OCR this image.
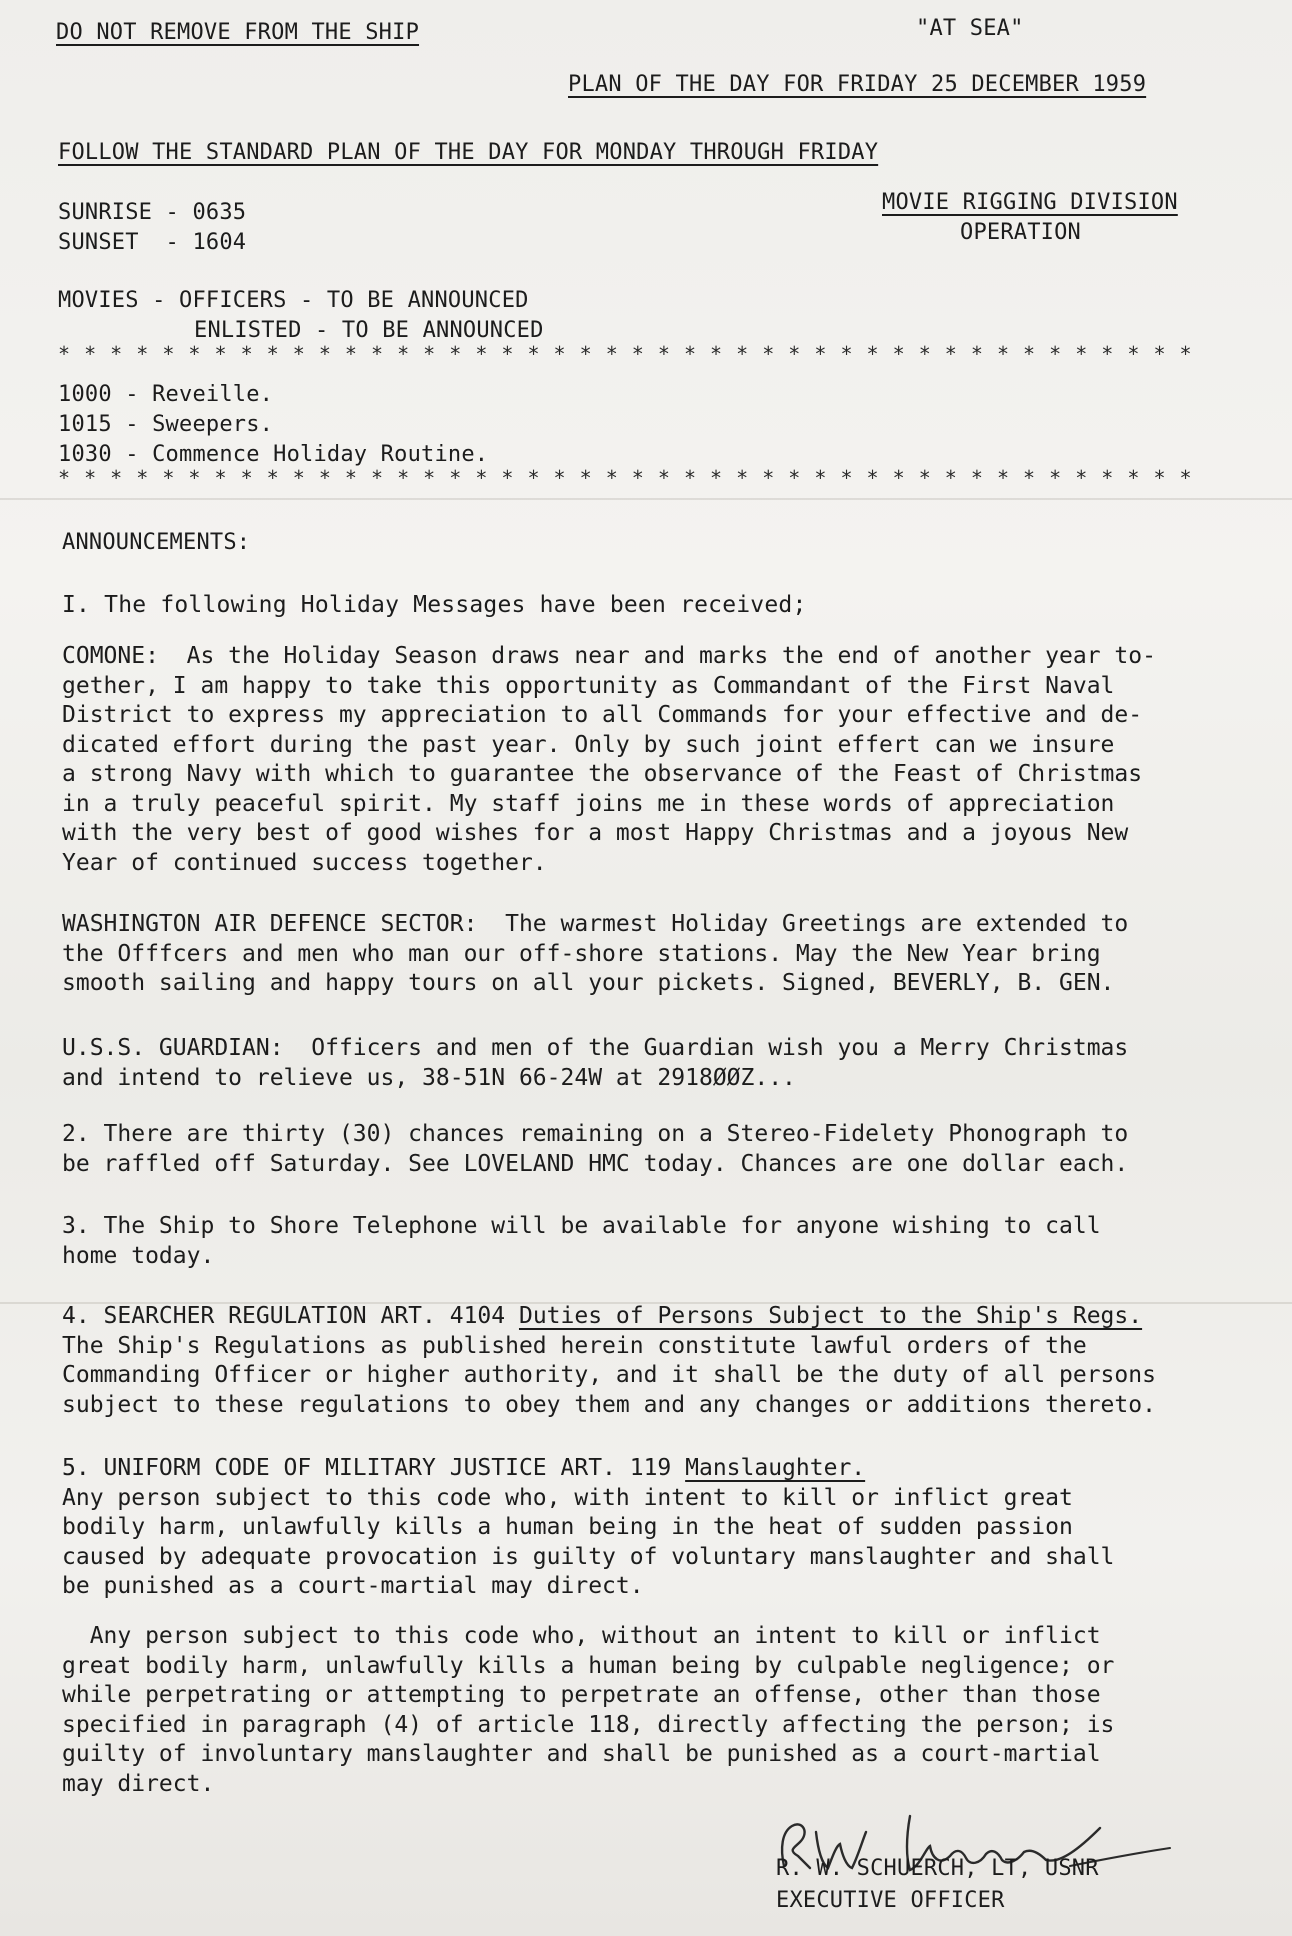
DO NOT REMOVE FROM THE SHIP	"AT SEA"
PLAN OF THE DAY FOR FRIDAY 25 DECEMBER 1959
FOLLOW THE STANDARD PLAN OF THE DAY FOR MONDAY THROUGH FRIDAY
SUNRISE - 0635
SUNSET  - 1604
MOVIE RIGGING DIVISION
OPERATION
MOVIES - OFFICERS - TO BE ANNOUNCED
ENLISTED - TO BE ANNOUNCED
* * * * * * * * * * * * * * * * * * * * * * * * * * * * * * * * * * * * * * * * * * * *
1000 - Reveille.
1015 - Sweepers.
1030 - Commence Holiday Routine.
* * * * * * * * * * * * * * * * * * * * * * * * * * * * * * * * * * * * * * * * * * * *
ANNOUNCEMENTS:
I. The following Holiday Messages have been received;
COMONE:  As the Holiday Season draws near and marks the end of another year to-
gether, I am happy to take this opportunity as Commandant of the First Naval
District to express my appreciation to all Commands for your effective and de-
dicated effort during the past year. Only by such joint effert can we insure
a strong Navy with which to guarantee the observance of the Feast of Christmas
in a truly peaceful spirit. My staff joins me in these words of appreciation
with the very best of good wishes for a most Happy Christmas and a joyous New
Year of continued success together.
WASHINGTON AIR DEFENCE SECTOR:  The warmest Holiday Greetings are extended to
the Offfcers and men who man our off-shore stations. May the New Year bring
smooth sailing and happy tours on all your pickets. Signed, BEVERLY, B. GEN.
U.S.S. GUARDIAN:  Officers and men of the Guardian wish you a Merry Christmas
and intend to relieve us, 38-51N 66-24W at 2918ØØZ...
2. There are thirty (30) chances remaining on a Stereo-Fidelety Phonograph to
be raffled off Saturday. See LOVELAND HMC today. Chances are one dollar each.
3. The Ship to Shore Telephone will be available for anyone wishing to call
home today.
4. SEARCHER REGULATION ART. 4104 Duties of Persons Subject to the Ship's Regs.
The Ship's Regulations as published herein constitute lawful orders of the
Commanding Officer or higher authority, and it shall be the duty of all persons
subject to these regulations to obey them and any changes or additions thereto.
5. UNIFORM CODE OF MILITARY JUSTICE ART. 119 Manslaughter.
Any person subject to this code who, with intent to kill or inflict great
bodily harm, unlawfully kills a human being in the heat of sudden passion
caused by adequate provocation is guilty of voluntary manslaughter and shall
be punished as a court-martial may direct.
Any person subject to this code who, without an intent to kill or inflict
great bodily harm, unlawfully kills a human being by culpable negligence; or
while perpetrating or attempting to perpetrate an offense, other than those
specified in paragraph (4) of article 118, directly affecting the person; is
guilty of involuntary manslaughter and shall be punished as a court-martial
may direct.
R. W. SCHUERCH, LT, USNR
EXECUTIVE OFFICER
